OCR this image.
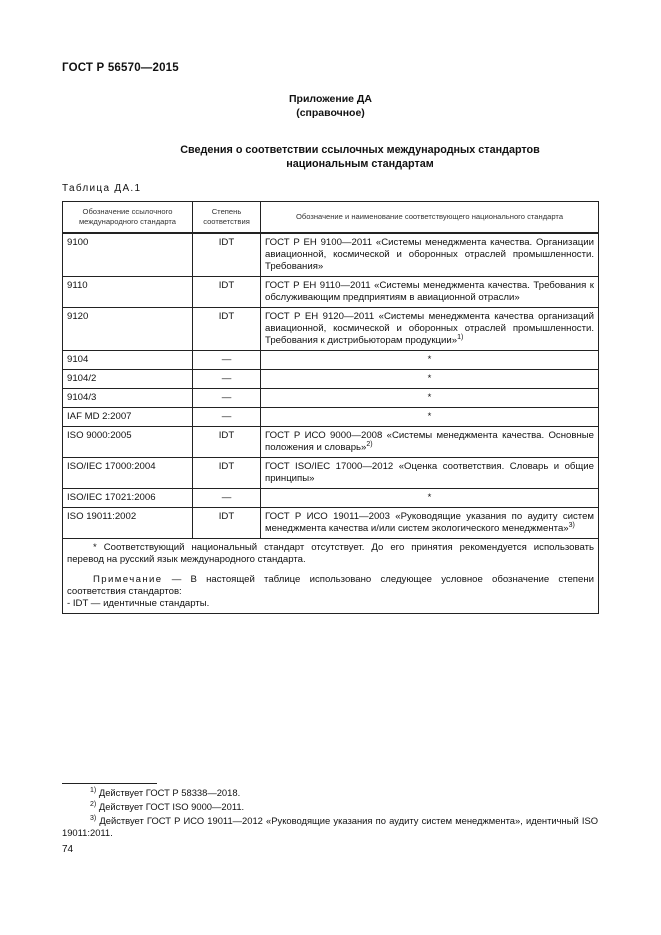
ГОСТ Р 56570—2015
Приложение ДА
(справочное)
Сведения о соответствии ссылочных международных стандартов
национальным стандартам
Таблица ДА.1
Обозначение ссылочного международного стандарта	Степень соответствия	Обозначение и наименование соответствующего национального стандарта
9100	IDT	ГОСТ Р ЕН 9100—2011 «Системы менеджмента качества. Организации авиационной, космической и оборонных отраслей промышленности. Требования»
9110	IDT	ГОСТ Р ЕН 9110—2011 «Системы менеджмента качества. Требования к обслуживающим предприятиям в авиационной отрасли»
9120	IDT	ГОСТ Р ЕН 9120—2011 «Системы менеджмента качества организаций авиационной, космической и оборонных отраслей промышленности. Требования к дистрибьюторам продукции»$^{1)}$
9104	—	*
9104/2	—	*
9104/3	—	*
IAF MD 2:2007	—	*
ISO 9000:2005	IDT	ГОСТ Р ИСО 9000—2008 «Системы менеджмента качества. Основные положения и словарь»$^{2)}$
ISO/IEC 17000:2004	IDT	ГОСТ ISO/IEC 17000—2012 «Оценка соответствия. Словарь и общие принципы»
ISO/IEC 17021:2006	—	*
ISO 19011:2002	IDT	ГОСТ Р ИСО 19011—2003 «Руководящие указания по аудиту систем менеджмента качества и/или систем экологического менеджмента»$^{3)}$

* Соответствующий национальный стандарт отсутствует. До его принятия рекомендуется использовать перевод на русский язык международного стандарта.

Примечание — В настоящей таблице использовано следующее условное обозначение степени соответствия стандартов:

- IDT — идентичные стандарты.		

$^{1)}$ Действует ГОСТ Р 58338—2018.
$^{2)}$ Действует ГОСТ ISO 9000—2011.
$^{3)}$ Действует ГОСТ Р ИСО 19011—2012 «Руководящие указания по аудиту систем менеджмента», идентичный ISO 19011:2011.
74
